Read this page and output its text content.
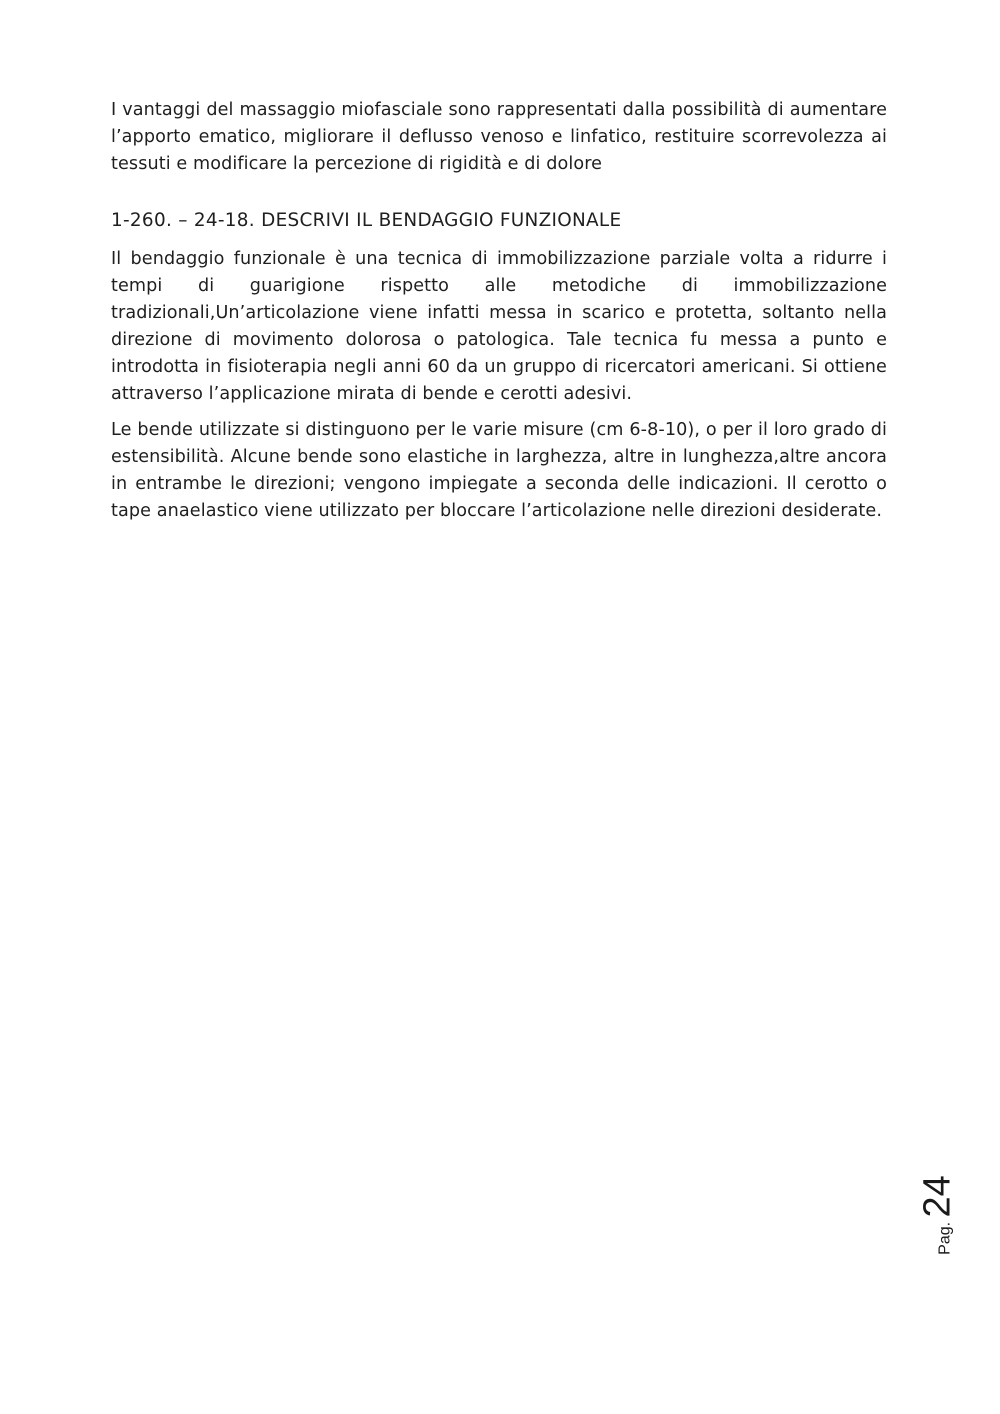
I vantaggi del massaggio miofasciale sono rappresentati dalla possibilità di aumentare l’apporto ematico, migliorare il deflusso venoso e linfatico, restituire scorrevolezza ai tessuti e modificare la percezione di rigidità e di dolore

1-260. – 24-18. DESCRIVI IL BENDAGGIO FUNZIONALE

Il bendaggio funzionale è una tecnica di immobilizzazione parziale volta a ridurre i tempi di guarigione rispetto alle metodiche di immobilizzazione tradizionali,Un’articolazione viene infatti messa in scarico e protetta, soltanto nella direzione di movimento dolorosa o patologica. Tale tecnica fu messa a punto e introdotta in fisioterapia negli anni 60 da un gruppo di ricercatori americani. Si ottiene attraverso l’applicazione mirata di bende e cerotti adesivi.

Le bende utilizzate si distinguono per le varie misure (cm 6-8-10), o per il loro grado di estensibilità. Alcune bende sono elastiche in larghezza, altre in lunghezza,altre ancora in entrambe le direzioni; vengono impiegate a seconda delle indicazioni. Il cerotto o tape anaelastico viene utilizzato per bloccare l’articolazione nelle direzioni desiderate.

Pag. 24
